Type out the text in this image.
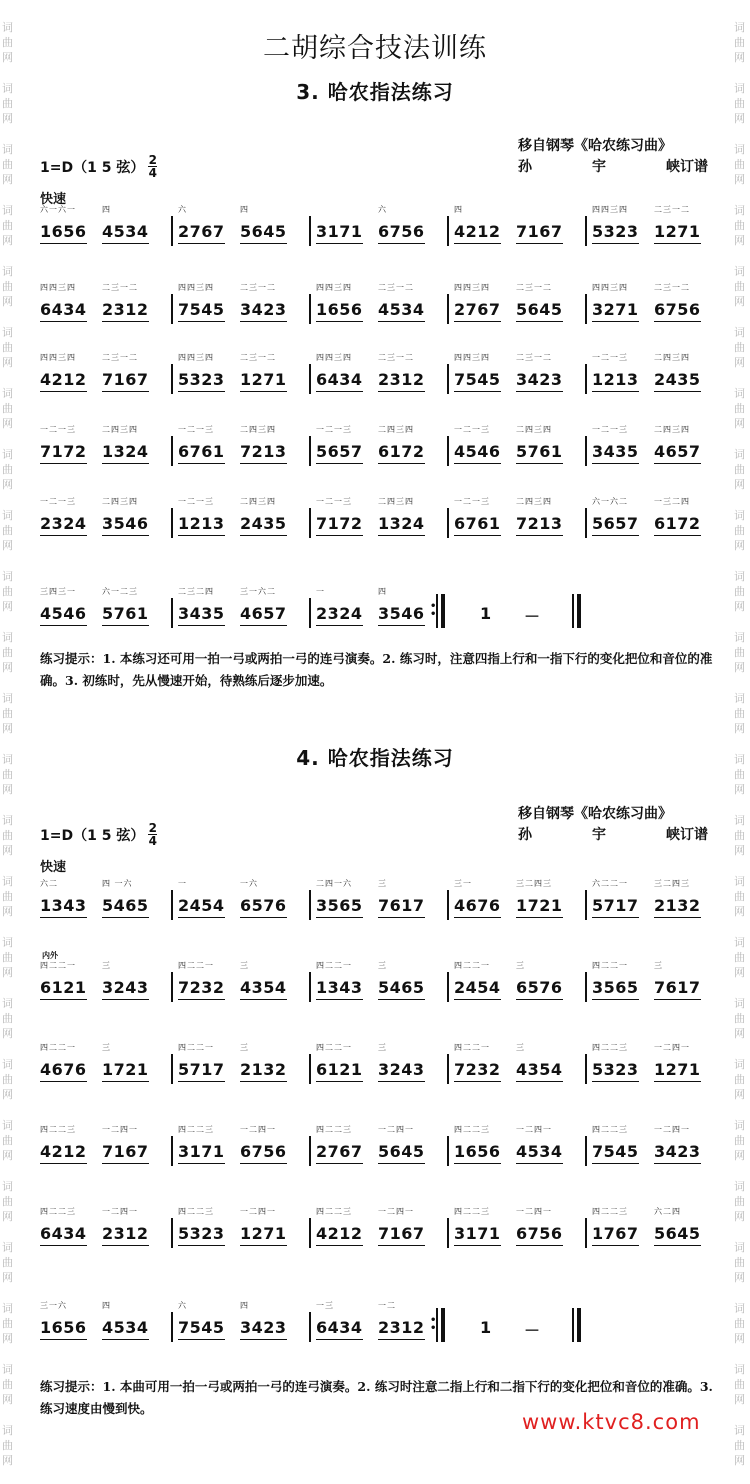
词
曲
网
词
曲
网
词
曲
网
词
曲
网
词
曲
网
词
曲
网
词
曲
网
词
曲
网
词
曲
网
词
曲
网
词
曲
网
词
曲
网
词
曲
网
词
曲
网
词
曲
网
词
曲
网
词
曲
网
词
曲
网
词
曲
网
词
曲
网
词
曲
网
词
曲
网
词
曲
网
词
曲
网
词
曲
网
词
曲
网
词
曲
网
词
曲
网
词
曲
网
词
曲
网
词
曲
网
词
曲
网
词
曲
网
词
曲
网
词
曲
网
词
曲
网
词
曲
网
词
曲
网
词
曲
网
词
曲
网
词
曲
网
词
曲
网
词
曲
网
词
曲
网
词
曲
网
词
曲
网
词
曲
网
词
曲
网
二胡综合技法训练
3. 哈农指法练习
移自钢琴《哈农练习曲》
孙	宇	峡订谱
1=D（1 5 弦） $\frac{2}{4}$
快速
六一六一
1656
四
4534
六
2767
四
5645 3171
六
6756
四
4212 7167
四四三四
5323
二三一二
1271
四四三四
6434
二三一二
2312
四四三四
7545
二三一二
3423
四四三四
1656
二三一二
4534
四四三四
2767
二三一二
5645
四四三四
3271
二三一二
6756
四四三四
4212
二三一二
7167
四四三四
5323
二三一二
1271
四四三四
6434
二三一二
2312
四四三四
7545
二三一二
3423
一二一三
1213
二四三四
2435
一二一三
7172
二四三四
1324
一二一三
6761
二四三四
7213
一二一三
5657
二四三四
6172
一二一三
4546
二四三四
5761
一二一三
3435
二四三四
4657
一二一三
2324
二四三四
3546
一二一三
1213
二四三四
2435
一二一三
7172
二四三四
1324
一二一三
6761
二四三四
7213
六一六二
5657
一三二四
6172
三四三一
4546
六一二三
5761
二三二四
3435
三一六二
4657
一
2324
四
3546 •
•	1 －
练习提示：1. 本练习还可用一拍一弓或两拍一弓的连弓演奏。2. 练习时，注意四指上行和一指下行的变化把位和音位的准确。3. 初练时，先从慢速开始，待熟练后逐步加速。
4. 哈农指法练习
移自钢琴《哈农练习曲》
孙	宇	峡订谱
1=D（1 5 弦） $\frac{2}{4}$
快速
内外
六二
1343
四 一六
5465
一
2454
一六
6576
二四一六
3565
三
7617
三一
4676
三二四三
1721
六二二一
5717
三二四三
2132
四二二一
6121
三
3243
四二二一
7232
三
4354
四二二一
1343
三
5465
四二二一
2454
三
6576
四二二一
3565
三
7617
四二二一
4676
三
1721
四二二一
5717
三
2132
四二二一
6121
三
3243
四二二一
7232
三
4354
四二二三
5323
一二四一
1271
四二二三
4212
一二四一
7167
四二二三
3171
一二四一
6756
四二二三
2767
一二四一
5645
四二二三
1656
一二四一
4534
四二二三
7545
一二四一
3423
四二二三
6434
一二四一
2312
四二二三
5323
一二四一
1271
四二二三
4212
一二四一
7167
四二二三
3171
一二四一
6756
四二二三
1767
六二四
5645
三一六
1656
四
4534
六
7545
四
3423
一三
6434
一二
2312 •
•	1 －
练习提示：1. 本曲可用一拍一弓或两拍一弓的连弓演奏。2. 练习时注意二指上行和二指下行的变化把位和音位的准确。3. 练习速度由慢到快。
www.ktvc8.com
